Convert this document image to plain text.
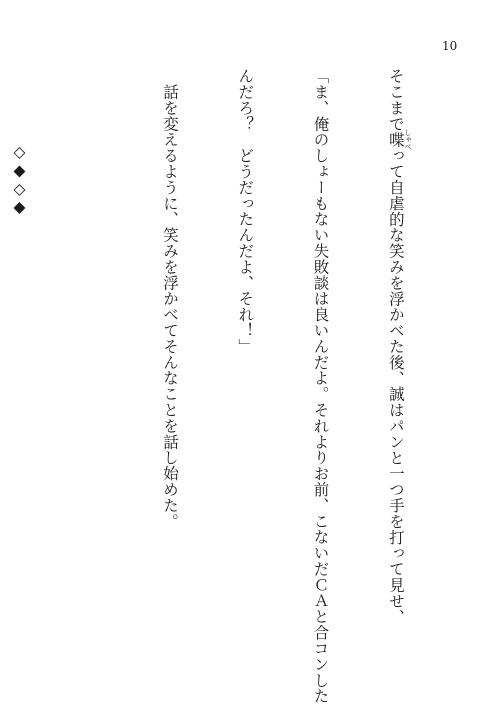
10

そこまで喋 しゃべって自虐的な笑みを浮かべた後、誠はパンと一つ手を打って見せ、

「ま、俺のしょーもない失敗談は良いんだよ。それよりお前、こないだＣＡと合コンした

んだろ？　どうだったんだよ、それ！」

　話を変えるように、笑みを浮かべてそんなことを話し始めた。

◇◆◇◆
